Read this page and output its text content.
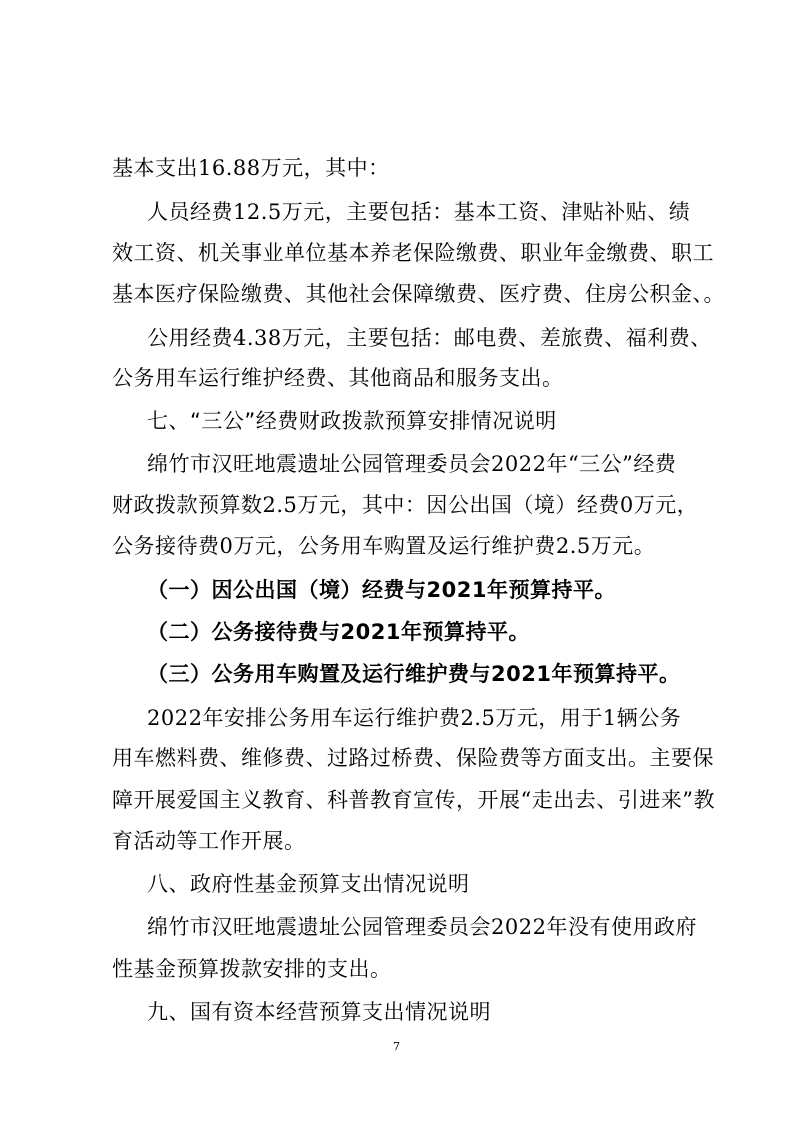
基本支出16.88万元，其中：
人员经费12.5万元，主要包括：基本工资、津贴补贴、绩
效工资、机关事业单位基本养老保险缴费、职业年金缴费、职工
基本医疗保险缴费、其他社会保障缴费、医疗费、住房公积金、。
公用经费4.38万元，主要包括：邮电费、差旅费、福利费、
公务用车运行维护经费、其他商品和服务支出。
七、“三公”经费财政拨款预算安排情况说明
绵竹市汉旺地震遗址公园管理委员会2022年“三公”经费
财政拨款预算数2.5万元，其中：因公出国（境）经费0万元，
公务接待费0万元，公务用车购置及运行维护费2.5万元。
（一）因公出国（境）经费与2021年预算持平。
（二）公务接待费与2021年预算持平。
（三）公务用车购置及运行维护费与2021年预算持平。
2022年安排公务用车运行维护费2.5万元，用于1辆公务
用车燃料费、维修费、过路过桥费、保险费等方面支出。主要保
障开展爱国主义教育、科普教育宣传，开展“走出去、引进来”教
育活动等工作开展。
八、政府性基金预算支出情况说明
绵竹市汉旺地震遗址公园管理委员会2022年没有使用政府
性基金预算拨款安排的支出。
九、国有资本经营预算支出情况说明
7
